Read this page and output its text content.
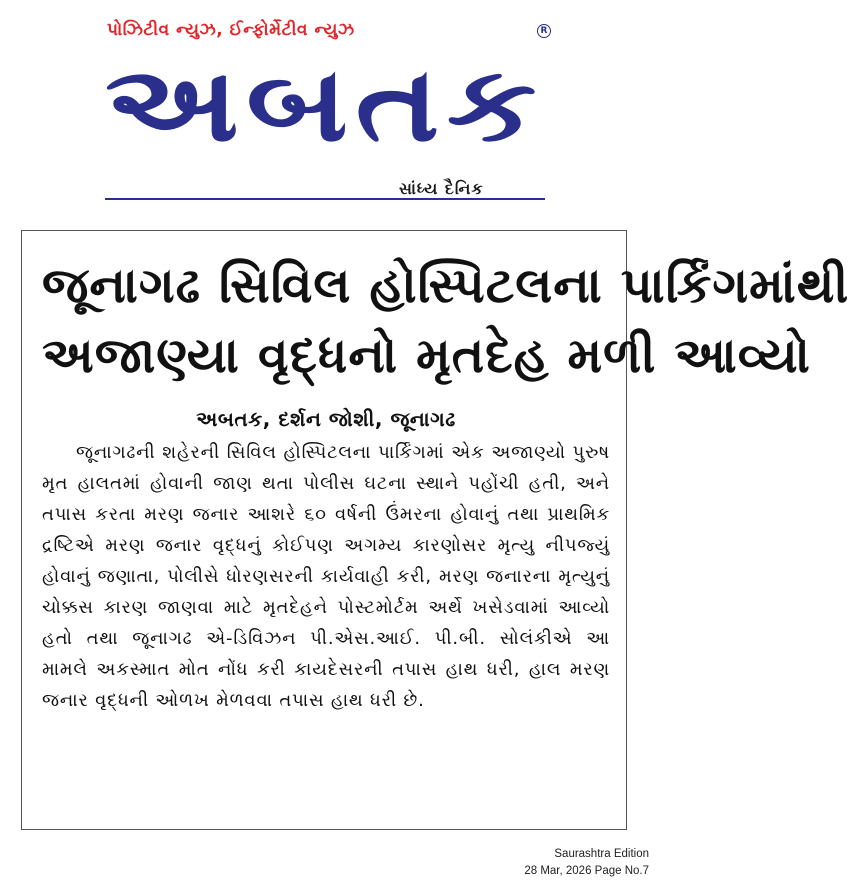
પોઝિટીવ ન્યુઝ, ઈન્ફોર્મેટીવ ન્યુઝ
અબતક
R
સાંધ્ય દૈનિક
જૂનાગઢ સિવિલ હોસ્પિટલના પાર્કિંગમાંથી
અજાણ્યા વૃદ્ધનો મૃતદેહ મળી આવ્યો
અબતક, દર્શન જોશી, જૂનાગઢ

જૂનાગઢની શહેરની સિવિલ હોસ્પિટલના પાર્કિંગમાં એક અજાણ્યો પુરુષ મૃત હાલતમાં હોવાની જાણ થતા પોલીસ ઘટના સ્થાને પહોંચી હતી, અને તપાસ કરતા મરણ જનાર આશરે ૬૦ વર્ષની ઉંમરના હોવાનું તથા પ્રાથમિક દ્રષ્ટિએ મરણ જનાર વૃદ્ધનું કોઈપણ અગમ્ય કારણોસર મૃત્યુ નીપજ્યું હોવાનું જણાતા, પોલીસે ધોરણસરની કાર્યવાહી કરી, મરણ જનારના મૃત્યુનું ચોક્કસ કારણ જાણવા માટે મૃતદેહને પોસ્ટમોર્ટમ અર્થે ખસેડવામાં આવ્યો હતો તથા જૂનાગઢ એ-ડિવિઝન પી.એસ.આઈ. પી.બી. સોલંકીએ આ મામલે અકસ્માત મોત નોંધ કરી કાયદેસરની તપાસ હાથ ધરી, હાલ મરણ જનાર વૃદ્ધની ઓળખ મેળવવા તપાસ હાથ ધરી છે.

Saurashtra Edition
28 Mar, 2026 Page No.7
